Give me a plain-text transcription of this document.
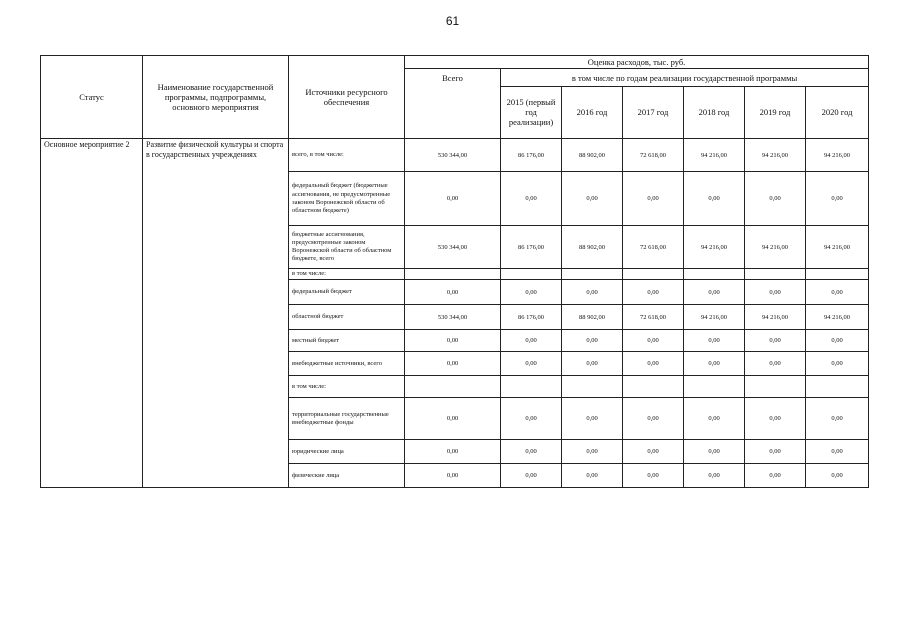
61
Статус	Наименование государственной программы, подпрограммы, основного мероприятия	Источники ресурсного обеспечения	Оценка расходов, тыс. руб.						
			Всего	в том числе по годам реализации государственной программы					
				2015 (первый год реализации)	2016 год	2017 год	2018 год	2019 год	2020 год
Основное мероприятие 2	Развитие физической культуры и спорта в государственных учреждениях	всего, в том числе:	530 344,00	86 176,00	88 902,00	72 618,00	94 216,00	94 216,00	94 216,00
		федеральный бюджет (бюджетные ассигнования, не предусмотренные законом Воронежской области об областном бюджете)	0,00	0,00	0,00	0,00	0,00	0,00	0,00
		бюджетные ассигнования, предусмотренные законом Воронежской области об областном бюджете, всего	530 344,00	86 176,00	88 902,00	72 618,00	94 216,00	94 216,00	94 216,00
		в том числе:							
		федеральный бюджет	0,00	0,00	0,00	0,00	0,00	0,00	0,00
		областной бюджет	530 344,00	86 176,00	88 902,00	72 618,00	94 216,00	94 216,00	94 216,00
		местный бюджет	0,00	0,00	0,00	0,00	0,00	0,00	0,00
		внебюджетные источники, всего	0,00	0,00	0,00	0,00	0,00	0,00	0,00
		в том числе:							
		территориальные государственные внебюджетные фонды	0,00	0,00	0,00	0,00	0,00	0,00	0,00
		юридические лица	0,00	0,00	0,00	0,00	0,00	0,00	0,00
		физические лица	0,00	0,00	0,00	0,00	0,00	0,00	0,00
